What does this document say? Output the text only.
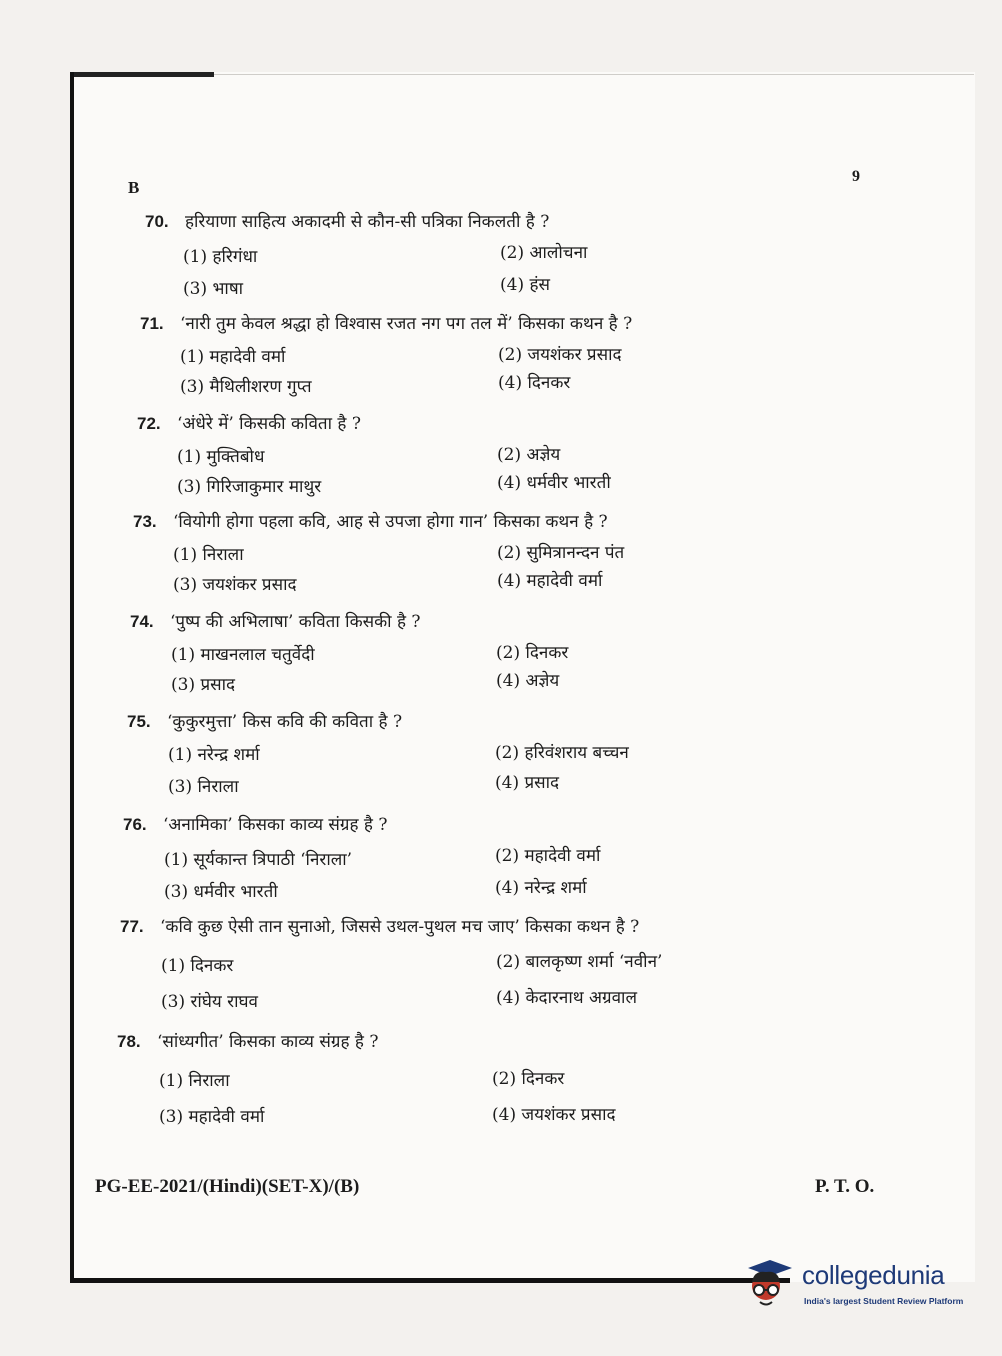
B
9
70. हरियाणा साहित्य अकादमी से कौन-सी पत्रिका निकलती है ?
(1) हरिगंधा	(2) आलोचना
(3) भाषा	(4) हंस
71. ‘नारी तुम केवल श्रद्धा हो विश्वास रजत नग पग तल में’ किसका कथन है ?
(1) महादेवी वर्मा	(2) जयशंकर प्रसाद
(3) मैथिलीशरण गुप्त	(4) दिनकर
72. ‘अंधेरे में’ किसकी कविता है ?
(1) मुक्तिबोध	(2) अज्ञेय
(3) गिरिजाकुमार माथुर	(4) धर्मवीर भारती
73. ‘वियोगी होगा पहला कवि, आह से उपजा होगा गान’ किसका कथन है ?
(1) निराला	(2) सुमित्रानन्दन पंत
(3) जयशंकर प्रसाद	(4) महादेवी वर्मा
74. ‘पुष्प की अभिलाषा’ कविता किसकी है ?
(1) माखनलाल चतुर्वेदी	(2) दिनकर
(3) प्रसाद	(4) अज्ञेय
75. ‘कुकुरमुत्ता’ किस कवि की कविता है ?
(1) नरेन्द्र शर्मा	(2) हरिवंशराय बच्चन
(3) निराला	(4) प्रसाद
76. ‘अनामिका’ किसका काव्य संग्रह है ?
(1) सूर्यकान्त त्रिपाठी ‘निराला’	(2) महादेवी वर्मा
(3) धर्मवीर भारती	(4) नरेन्द्र शर्मा
77. ‘कवि कुछ ऐसी तान सुनाओ, जिससे उथल-पुथल मच जाए’ किसका कथन है ?
(1) दिनकर	(2) बालकृष्ण शर्मा ‘नवीन’
(3) रांघेय राघव	(4) केदारनाथ अग्रवाल
78. ‘सांध्यगीत’ किसका काव्य संग्रह है ?
(1) निराला	(2) दिनकर
(3) महादेवी वर्मा	(4) जयशंकर प्रसाद
PG-EE-2021/(Hindi)(SET-X)/(B)	P. T. O.
collegedunia
India's largest Student Review Platform
